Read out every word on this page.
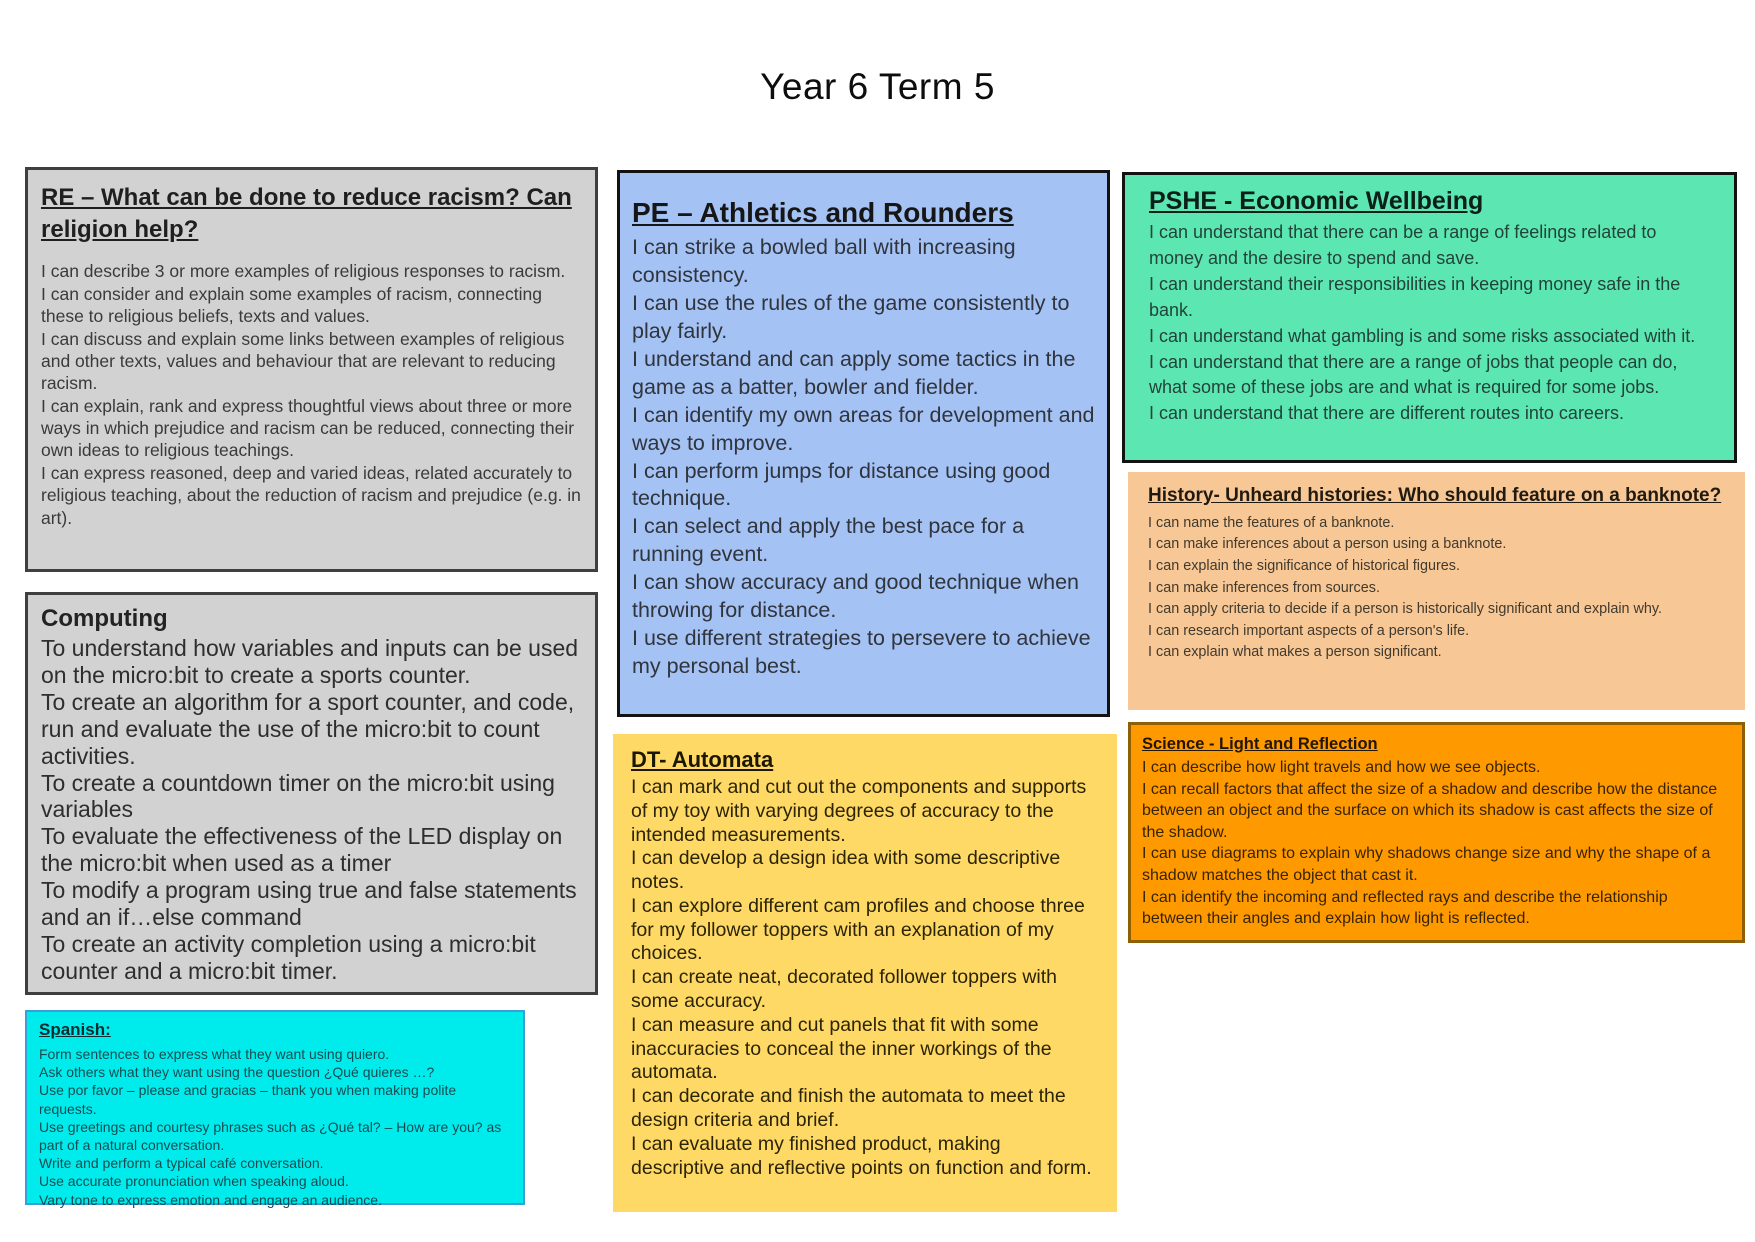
Year 6 Term 5
RE – What can be done to reduce racism? Can religion help?

I can describe 3 or more examples of religious responses to racism.

I can consider and explain some examples of racism, connecting these to religious beliefs, texts and values.

I can discuss and explain some links between examples of religious and other texts, values and behaviour that are relevant to reducing racism.

I can explain, rank and express thoughtful views about three or more ways in which prejudice and racism can be reduced, connecting their own ideas to religious teachings.

I can express reasoned, deep and varied ideas, related accurately to religious teaching, about the reduction of racism and prejudice (e.g. in art).

Computing

To understand how variables and inputs can be used on the micro:bit to create a sports counter.

To create an algorithm for a sport counter, and code, run and evaluate the use of the micro:bit to count activities.

To create a countdown timer on the micro:bit using variables

To evaluate the effectiveness of the LED display on the micro:bit when used as a timer

To modify a program using true and false statements and an if…else command

To create an activity completion using a micro:bit counter and a micro:bit timer.

Spanish:

Form sentences to express what they want using quiero.

Ask others what they want using the question ¿Qué quieres …?

Use por favor – please and gracias – thank you when making polite requests.

Use greetings and courtesy phrases such as ¿Qué tal? – How are you? as part of a natural conversation.

Write and perform a typical café conversation.

Use accurate pronunciation when speaking aloud.

Vary tone to express emotion and engage an audience.

PE – Athletics and Rounders

I can strike a bowled ball with increasing consistency.

I can use the rules of the game consistently to play fairly.

I understand and can apply some tactics in the game as a batter, bowler and fielder.

I can identify my own areas for development and ways to improve.

I can perform jumps for distance using good technique.

I can select and apply the best pace for a running event.

I can show accuracy and good technique when throwing for distance.

I use different strategies to persevere to achieve my personal best.

DT- Automata

I can mark and cut out the components and supports of my toy with varying degrees of accuracy to the intended measurements.

I can develop a design idea with some descriptive notes.

I can explore different cam profiles and choose three for my follower toppers with an explanation of my choices.

I can create neat, decorated follower toppers with some accuracy.

I can measure and cut panels that fit with some inaccuracies to conceal the inner workings of the automata.

I can decorate and finish the automata to meet the design criteria and brief.

I can evaluate my finished product, making descriptive and reflective points on function and form.

PSHE - Economic Wellbeing

I can understand that there can be a range of feelings related to money and the desire to spend and save.

I can understand their responsibilities in keeping money safe in the bank.

I can understand what gambling is and some risks associated with it.

I can understand that there are a range of jobs that people can do, what some of these jobs are and what is required for some jobs.

I can understand that there are different routes into careers.

History- Unheard histories: Who should feature on a banknote?

I can name the features of a banknote.

I can make inferences about a person using a banknote.

I can explain the significance of historical figures.

I can make inferences from sources.

I can apply criteria to decide if a person is historically significant and explain why.

I can research important aspects of a person's life.

I can explain what makes a person significant.

Science - Light and Reflection

I can describe how light travels and how we see objects.

I can recall factors that affect the size of a shadow and describe how the distance between an object and the surface on which its shadow is cast affects the size of the shadow.

I can use diagrams to explain why shadows change size and why the shape of a shadow matches the object that cast it.

I can identify the incoming and reflected rays and describe the relationship between their angles and explain how light is reflected.
